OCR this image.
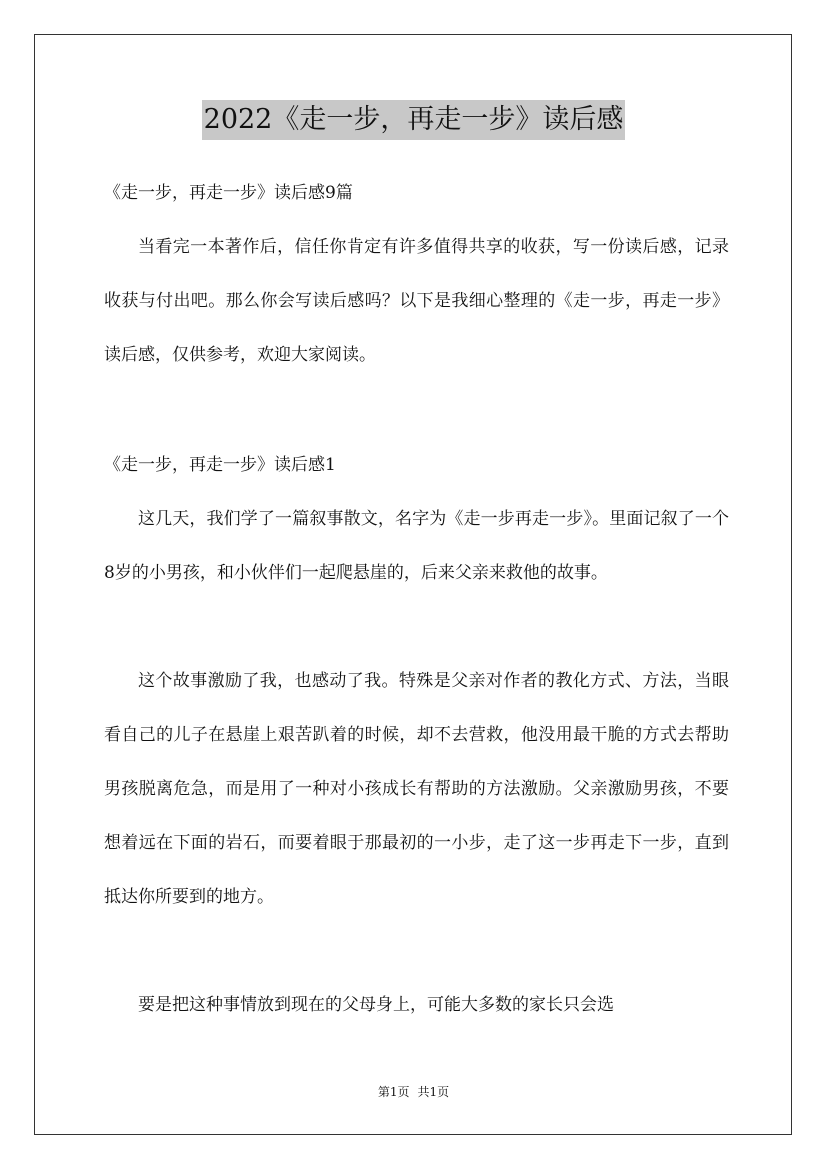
2022《走一步，再走一步》读后感
《走一步，再走一步》读后感9篇
当看完一本著作后，信任你肯定有许多值得共享的收获，写一份读后感，记录收获与付出吧。那么你会写读后感吗？以下是我细心整理的《走一步，再走一步》读后感，仅供参考，欢迎大家阅读。
《走一步，再走一步》读后感1
这几天，我们学了一篇叙事散文，名字为《走一步再走一步》。里面记叙了一个8岁的小男孩，和小伙伴们一起爬悬崖的，后来父亲来救他的故事。
这个故事激励了我，也感动了我。特殊是父亲对作者的教化方式、方法，当眼看自己的儿子在悬崖上艰苦趴着的时候，却不去营救，他没用最干脆的方式去帮助男孩脱离危急，而是用了一种对小孩成长有帮助的方法激励。父亲激励男孩，不要想着远在下面的岩石，而要着眼于那最初的一小步，走了这一步再走下一步，直到抵达你所要到的地方。
要是把这种事情放到现在的父母身上，可能大多数的家长只会选
第1页 共1页
